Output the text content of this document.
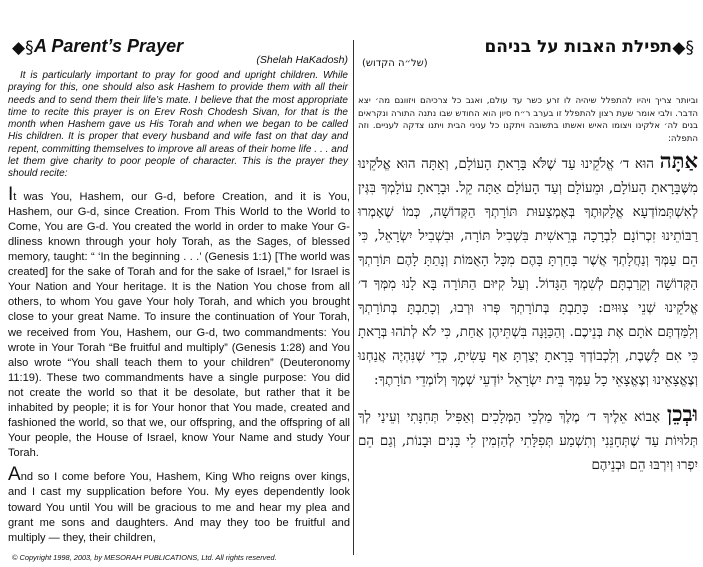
◆§ A Parent’s Prayer
(Shelah HaKadosh)

It is particularly important to pray for good and upright children. While praying for this, one should also ask Hashem to provide them with all their needs and to send them their life’s mate. I believe that the most appropriate time to recite this prayer is on Erev Rosh Chodesh Sivan, for that is the month when Hashem gave us His Torah and when we began to be called His children. It is proper that every husband and wife fast on that day and repent, committing themselves to improve all areas of their home life . . . and let them give charity to poor people of character. This is the prayer they should recite:

It was You, Hashem, our G-d, before Creation, and it is You, Hashem, our G-d, since Creation. From This World to the World to Come, You are G-d. You created the world in order to make Your G-dliness known through your holy Torah, as the Sages, of blessed memory, taught: “ ‘In the beginning . . .’ (Genesis 1:1) [The world was created] for the sake of Torah and for the sake of Israel,” for Israel is Your Nation and Your heritage. It is the Nation You chose from all others, to whom You gave Your holy Torah, and which you brought close to your great Name. To insure the continuation of Your Torah, we received from You, Hashem, our G-d, two commandments: You wrote in Your Torah “Be fruitful and multiply” (Genesis 1:28) and You also wrote “You shall teach them to your children” (Deuteronomy 11:19). These two commandments have a single purpose: You did not create the world so that it be desolate, but rather that it be inhabited by people; it is for Your honor that You made, created and fashioned the world, so that we, our offspring, and the offspring of all Your people, the House of Israel, know Your Name and study Your Torah.

And so I come before You, Hashem, King Who reigns over kings, and I cast my supplication before You. My eyes dependently look toward You until You will be gracious to me and hear my plea and grant me sons and daughters. And may they too be fruitful and multiply — they, their children,

© Copyright 1998, 2003, by MESORAH PUBLICATIONS, Ltd. All rights reserved.
§◆
תפילת האבות על בניהם
(של״ה הקדוש)

וביותר צריך ויהיו להתפלל שיהיה לו זרע כשר עד עולם, ואגב כל צרכיהם ויזווגם מה׳ יצא הדבר. ולבי אומר שעת רצון להתפלל זו בערב ר״ח סיון הוא החודש שבו נתנה התורה ונקראים בנים לה׳ אלקינו ויצומו האיש ואשתו בתשובה ויתקנו כל עניני הבית ויתנו צדקה לעניים. וזה התפלה:

אַתָּה הוּא ד׳ אֱלֹקֵינוּ עַד שֶׁלֹּא בָּרָאתָ הָעוֹלָם, וְאַתָּה הוּא אֱלֹקֵינוּ מִשֶּׁבָּרָאתָ הָעוֹלָם, וּמֵעוֹלָם וְעַד הָעוֹלָם אַתָּה קֵל. וּבָרָאתָ עוֹלָמְךָ בִּגְּין לְאִשְׁתְּמוֹדְעָא אֱלָקוּתֶךָ בְּאֶמְצָעוּת תּוֹרָתְךָ הַקְּדוֹשָׁה, כְּמוֹ שֶׁאָמְרוּ רַבּוֹתֵינוּ זִכְרוֹנָם לִבְרָכָה בְּרֵאשִׁית בִּשְׁבִיל תּוֹרָה, וּבִשְׁבִיל יִשְׂרָאֵל, כִּי הֵם עַמְּךָ וְנַחֲלָתְךָ אֲשֶׁר בָּחַרְתָּ בָּהֶם מִכָּל הָאֻמּוֹת וְנָתַתָּ לָהֶם תּוֹרָתְךָ הַקְּדוֹשָׁה וְקֵרַבְתָּם לְשִׁמְךָ הַגָּדוֹל. וְעַל קִיּוּם הַתּוֹרָה בָּא לָנוּ מִמְּךָ ד׳ אֱלֹקֵינוּ שְׁנֵי צִוּוּיִם: כָּתַבְתָּ בְּתוֹרָתְךָ פְּרוּ וּרְבוּ, וְכָתַבְתָּ בְּתוֹרָתְךָ וְלִמַּדְתֶּם אֹתָם אֶת בְּנֵיכֶם. וְהַכַּוָּנָה בִּשְׁתֵּיהֶן אַחַת, כִּי לֹא לְתֹהוּ בְּרָאתָ כִּי אִם לָשֶׁבֶת, וְלִכְבוֹדְךָ בָּרָאתָ יְצַרְתָּ אַף עָשִׂיתָ, כְּדֵי שֶׁנִּהְיֶה אֲנַחְנוּ וְצֶאֱצָאֵינוּ וְצֶאֱצָאֵי כָל עַמְּךָ בֵּית יִשְׂרָאֵל יוֹדְעֵי שְׁמֶךָ וְלוֹמְדֵי תוֹרָתֶךָ:

וּבְכֵן אָבוֹא אֵלֶיךָ ד׳ מֶלֶךְ מַלְכֵי הַמְּלָכִים וְאַפִּיל תְּחִנָּתִי וְעֵינַי לְךָ תְּלוּיוֹת עַד שֶׁתְּחָנֵּנִי וְתִשְׁמַע תְּפִלָּתִי לְהַזְמִין לִי בָּנִים וּבָנוֹת, וְגַם הֵם יִפְרוּ וְיִרְבּוּ הֵם וּבְנֵיהֶם
